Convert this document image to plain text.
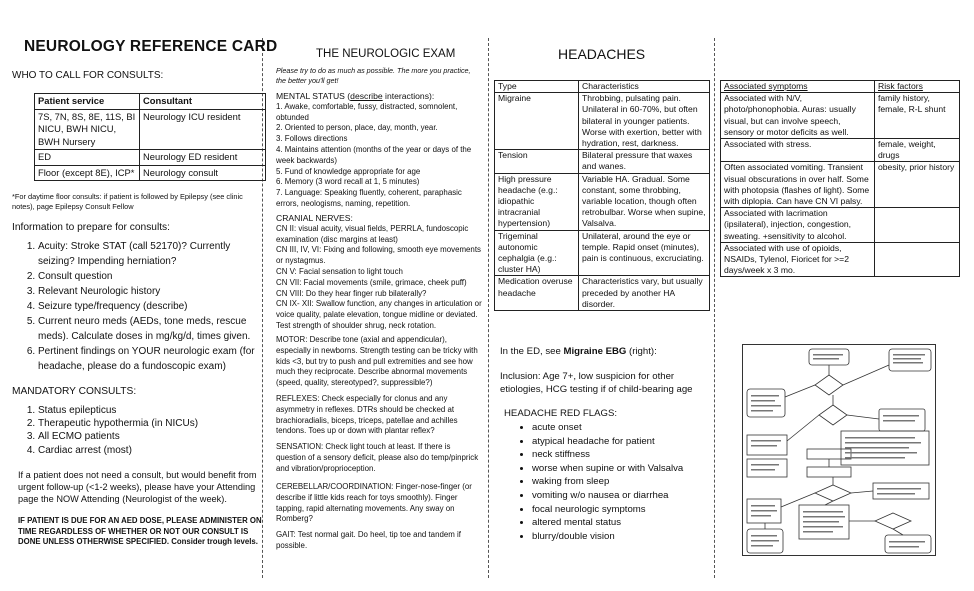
NEUROLOGY REFERENCE CARD
WHO TO CALL FOR CONSULTS:
Patient service	Consultant
7S, 7N, 8S, 8E, 11S, BI NICU, BWH NICU, BWH Nursery	Neurology ICU resident
ED	Neurology ED resident
Floor (except 8E), ICP*	Neurology consult
*For daytime floor consults: if patient is followed by Epilepsy (see clinic notes), page Epilepsy Consult Fellow
Information to prepare for consults:
1. Acuity: Stroke STAT (call 52170)? Currently seizing? Impending herniation?
2. Consult question
3. Relevant Neurologic history
4. Seizure type/frequency (describe)
5. Current neuro meds (AEDs, tone meds, rescue meds). Calculate doses in mg/kg/d, times given.
6. Pertinent findings on YOUR neurologic exam (for headache, please do a fundoscopic exam)
MANDATORY CONSULTS:
1. Status epilepticus
2. Therapeutic hypothermia (in NICUs)
3. All ECMO patients
4. Cardiac arrest (most)
If a patient does not need a consult, but would benefit from urgent follow-up (<1-2 weeks), please have your Attending page the NOW Attending (Neurologist of the week).
IF PATIENT IS DUE FOR AN AED DOSE, PLEASE ADMINISTER ON TIME REGARDLESS OF WHETHER OR NOT OUR CONSULT IS DONE UNLESS OTHERWISE SPECIFIED. Consider trough levels.
THE NEUROLOGIC EXAM
Please try to do as much as possible. The more you practice, the better you'll get!
MENTAL STATUS (describe interactions):
1. Awake, comfortable, fussy, distracted, somnolent, obtunded
2. Oriented to person, place, day, month, year.
3. Follows directions
4. Maintains attention (months of the year or days of the week backwards)
5. Fund of knowledge appropriate for age
6. Memory (3 word recall at 1, 5 minutes)
7. Language: Speaking fluently, coherent, paraphasic errors, neologisms, naming, repetition.
CRANIAL NERVES:
CN II: visual acuity, visual fields, PERRLA, fundoscopic examination (disc margins at least)
CN III, IV, VI: Fixing and following, smooth eye movements or nystagmus.
CN V: Facial sensation to light touch
CN VII: Facial movements (smile, grimace, cheek puff)
CN VIII: Do they hear finger rub bilaterally?
CN IX- XII: Swallow function, any changes in articulation or voice quality, palate elevation, tongue midline or deviated. Test strength of shoulder shrug, neck rotation.
MOTOR: Describe tone (axial and appendicular), especially in newborns. Strength testing can be tricky with kids <3, but try to push and pull extremities and see how much they reciprocate. Describe abnormal movements (speed, quality, stereotyped?, suppressible?)
REFLEXES: Check especially for clonus and any asymmetry in reflexes. DTRs should be checked at brachioradialis, biceps, triceps, patellae and achilles tendons. Toes up or down with plantar reflex?
SENSATION: Check light touch at least. If there is question of a sensory deficit, please also do temp/pinprick and vibration/proprioception.
CEREBELLAR/COORDINATION: Finger-nose-finger (or describe if little kids reach for toys smoothly). Finger tapping, rapid alternating movements. Any sway on Romberg?
GAIT: Test normal gait. Do heel, tip toe and tandem if possible.
HEADACHES
Type	Characteristics
Migraine	Throbbing, pulsating pain. Unilateral in 60-70%, but often bilateral in younger patients. Worse with exertion, better with hydration, rest, darkness.
Tension	Bilateral pressure that waxes and wanes.
High pressure headache (e.g.: idiopathic intracranial hypertension)	Variable HA. Gradual. Some constant, some throbbing, variable location, though often retrobulbar. Worse when supine, Valsalva.
Trigeminal autonomic cephalgia (e.g.: cluster HA)	Unilateral, around the eye or temple. Rapid onset (minutes), pain is continuous, excruciating.
Medication overuse headache	Characteristics vary, but usually preceded by another HA disorder.
In the ED, see Migraine EBG (right):
Inclusion: Age 7+, low suspicion for other etiologies, HCG testing if of child-bearing age
HEADACHE RED FLAGS:
• acute onset
• atypical headache for patient
• neck stiffness
• worse when supine or with Valsalva
• waking from sleep
• vomiting w/o nausea or diarrhea
• focal neurologic symptoms
• altered mental status
• blurry/double vision
Associated symptoms	Risk factors
Associated with N/V, photo/phonophobia. Auras: usually visual, but can involve speech, sensory or motor deficits as well.	family history, female, R-L shunt
Associated with stress.	female, weight, drugs
Often associated vomiting. Transient visual obscurations in over half. Some with photopsia (flashes of light). Some with diplopia. Can have CN VI palsy.	obesity, prior history
Associated with lacrimation (ipsilateral), injection, congestion, sweating. +sensitivity to alcohol.	
Associated with use of opioids, NSAIDs, Tylenol, Fioricet for >=2 days/week x 3 mo.	
